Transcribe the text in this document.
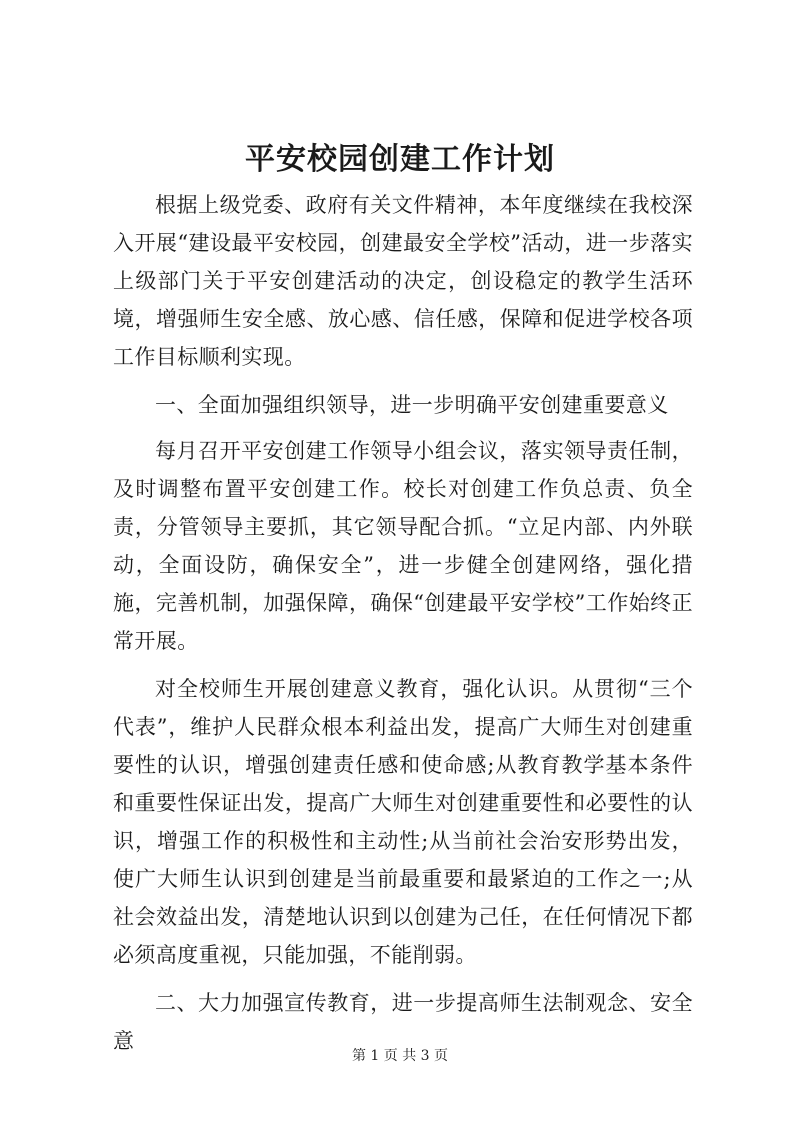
平安校园创建工作计划

根据上级党委、政府有关文件精神，本年度继续在我校深入开展“建设最平安校园，创建最安全学校”活动，进一步落实上级部门关于平安创建活动的决定，创设稳定的教学生活环境，增强师生安全感、放心感、信任感，保障和促进学校各项工作目标顺利实现。

一、全面加强组织领导，进一步明确平安创建重要意义

每月召开平安创建工作领导小组会议，落实领导责任制，及时调整布置平安创建工作。校长对创建工作负总责、负全责，分管领导主要抓，其它领导配合抓。“立足内部、内外联动，全面设防，确保安全”，进一步健全创建网络，强化措施，完善机制，加强保障，确保“创建最平安学校”工作始终正常开展。

对全校师生开展创建意义教育，强化认识。从贯彻“三个代表”，维护人民群众根本利益出发，提高广大师生对创建重要性的认识，增强创建责任感和使命感;从教育教学基本条件和重要性保证出发，提高广大师生对创建重要性和必要性的认识，增强工作的积极性和主动性;从当前社会治安形势出发，使广大师生认识到创建是当前最重要和最紧迫的工作之一;从社会效益出发，清楚地认识到以创建为己任，在任何情况下都必须高度重视，只能加强，不能削弱。

二、大力加强宣传教育，进一步提高师生法制观念、安全意

第 1 页 共 3 页
